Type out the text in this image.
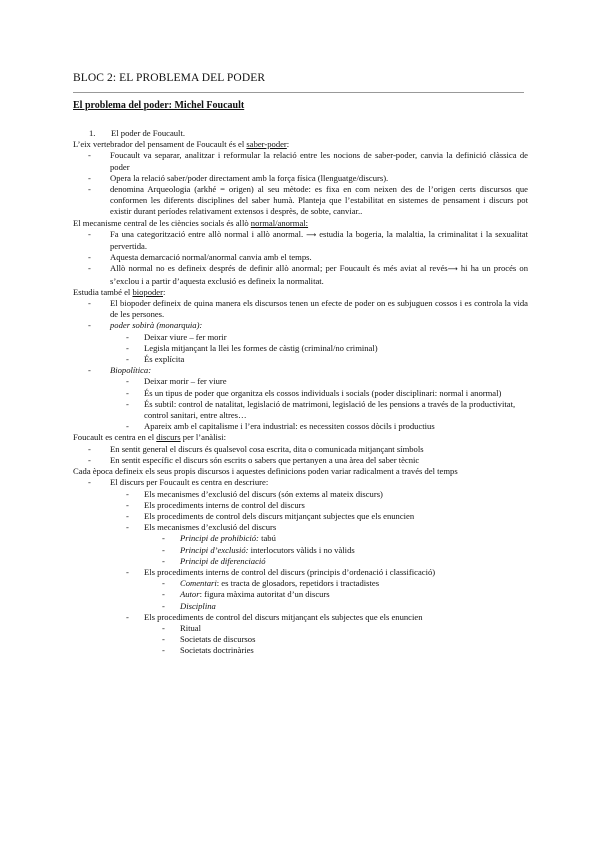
BLOC 2: EL PROBLEMA DEL PODER
El problema del poder: Michel Foucault

1. El poder de Foucault.

L’eix vertebrador del pensament de Foucault és el saber-poder:

- Foucault va separar, analitzar i reformular la relació entre les nocions de saber-poder, canvia la definició clàssica de poder
- Opera la relació saber/poder directament amb la força física (llenguatge/discurs).
- denomina Arqueologia (arkhé = origen) al seu mètode: es fixa en com neixen des de l’origen certs discursos que conformen les diferents disciplines del saber humà. Planteja que l’estabilitat en sistemes de pensament i discurs pot existir durant períodes relativament extensos i desprès, de sobte, canviar..

El mecanisme central de les ciències socials és allò normal/anormal:

- Fa una categorització entre allò normal i allò anormal. ⟶ estudia la bogeria, la malaltia, la criminalitat i la sexualitat pervertida.
- Aquesta demarcació normal/anormal canvia amb el temps.
- Allò normal no es defineix després de definir allò anormal; per Foucault és més aviat al revés⟶ hi ha un procés on s’exclou i a partir d’aquesta exclusió es defineix la normalitat.

Estudia també el biopoder:

- El biopoder defineix de quina manera els discursos tenen un efecte de poder on es subjuguen cossos i es controla la vida de les persones.
- poder sobirà (monarquia):
- Deixar viure – fer morir
- Legisla mitjançant la llei les formes de càstig (criminal/no criminal)
- És explícita
- Biopolítica:
- Deixar morir – fer viure
- És un tipus de poder que organitza els cossos individuals i socials (poder disciplinari: normal i anormal)
- És subtil: control de natalitat, legislació de matrimoni, legislació de les pensions a través de la productivitat, control sanitari, entre altres…
- Apareix amb el capitalisme i l’era industrial: es necessiten cossos dòcils i productius

Foucault es centra en el discurs per l’anàlisi:

- En sentit general el discurs és qualsevol cosa escrita, dita o comunicada mitjançant símbols
- En sentit específic el discurs són escrits o sabers que pertanyen a una àrea del saber tècnic

Cada època defineix els seus propis discursos i aquestes definicions poden variar radicalment a través del temps

- El discurs per Foucault es centra en descriure:
- Els mecanismes d’exclusió del discurs (són extems al mateix discurs)
- Els procediments interns de control del discurs
- Els procediments de control dels discurs mitjançant subjectes que els enuncien
- Els mecanismes d’exclusió del discurs
- Principi de prohibició: tabú
- Principi d’exclusió: interlocutors vàlids i no vàlids
- Principi de diferenciació
- Els procediments interns de control del discurs (principis d’ordenació i classificació)
- Comentari: es tracta de glosadors, repetidors i tractadistes
- Autor: figura màxima autoritat d’un discurs
- Disciplina
- Els procediments de control del discurs mitjançant els subjectes que els enuncien
- Ritual
- Societats de discursos
- Societats doctrinàries
